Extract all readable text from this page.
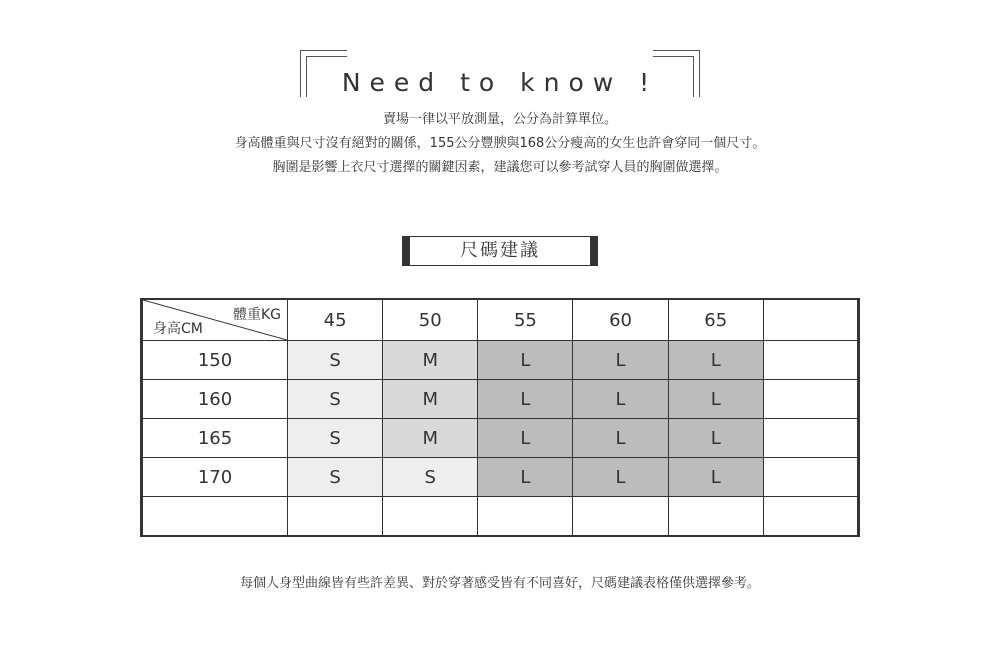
Need to know !
賣場一律以平放測量，公分為計算單位。
身高體重與尺寸沒有絕對的關係，155公分豐腴與168公分瘦高的女生也許會穿同一個尺寸。
胸圍是影響上衣尺寸選擇的關鍵因素，建議您可以參考試穿人員的胸圍做選擇。
尺碼建議
體重KG
身高CM	45	50	55	60	65	
150	S	M	L	L	L	
160	S	M	L	L	L	
165	S	M	L	L	L	
170	S	S	L	L	L	

每個人身型曲線皆有些許差異、對於穿著感受皆有不同喜好，尺碼建議表格僅供選擇參考。
